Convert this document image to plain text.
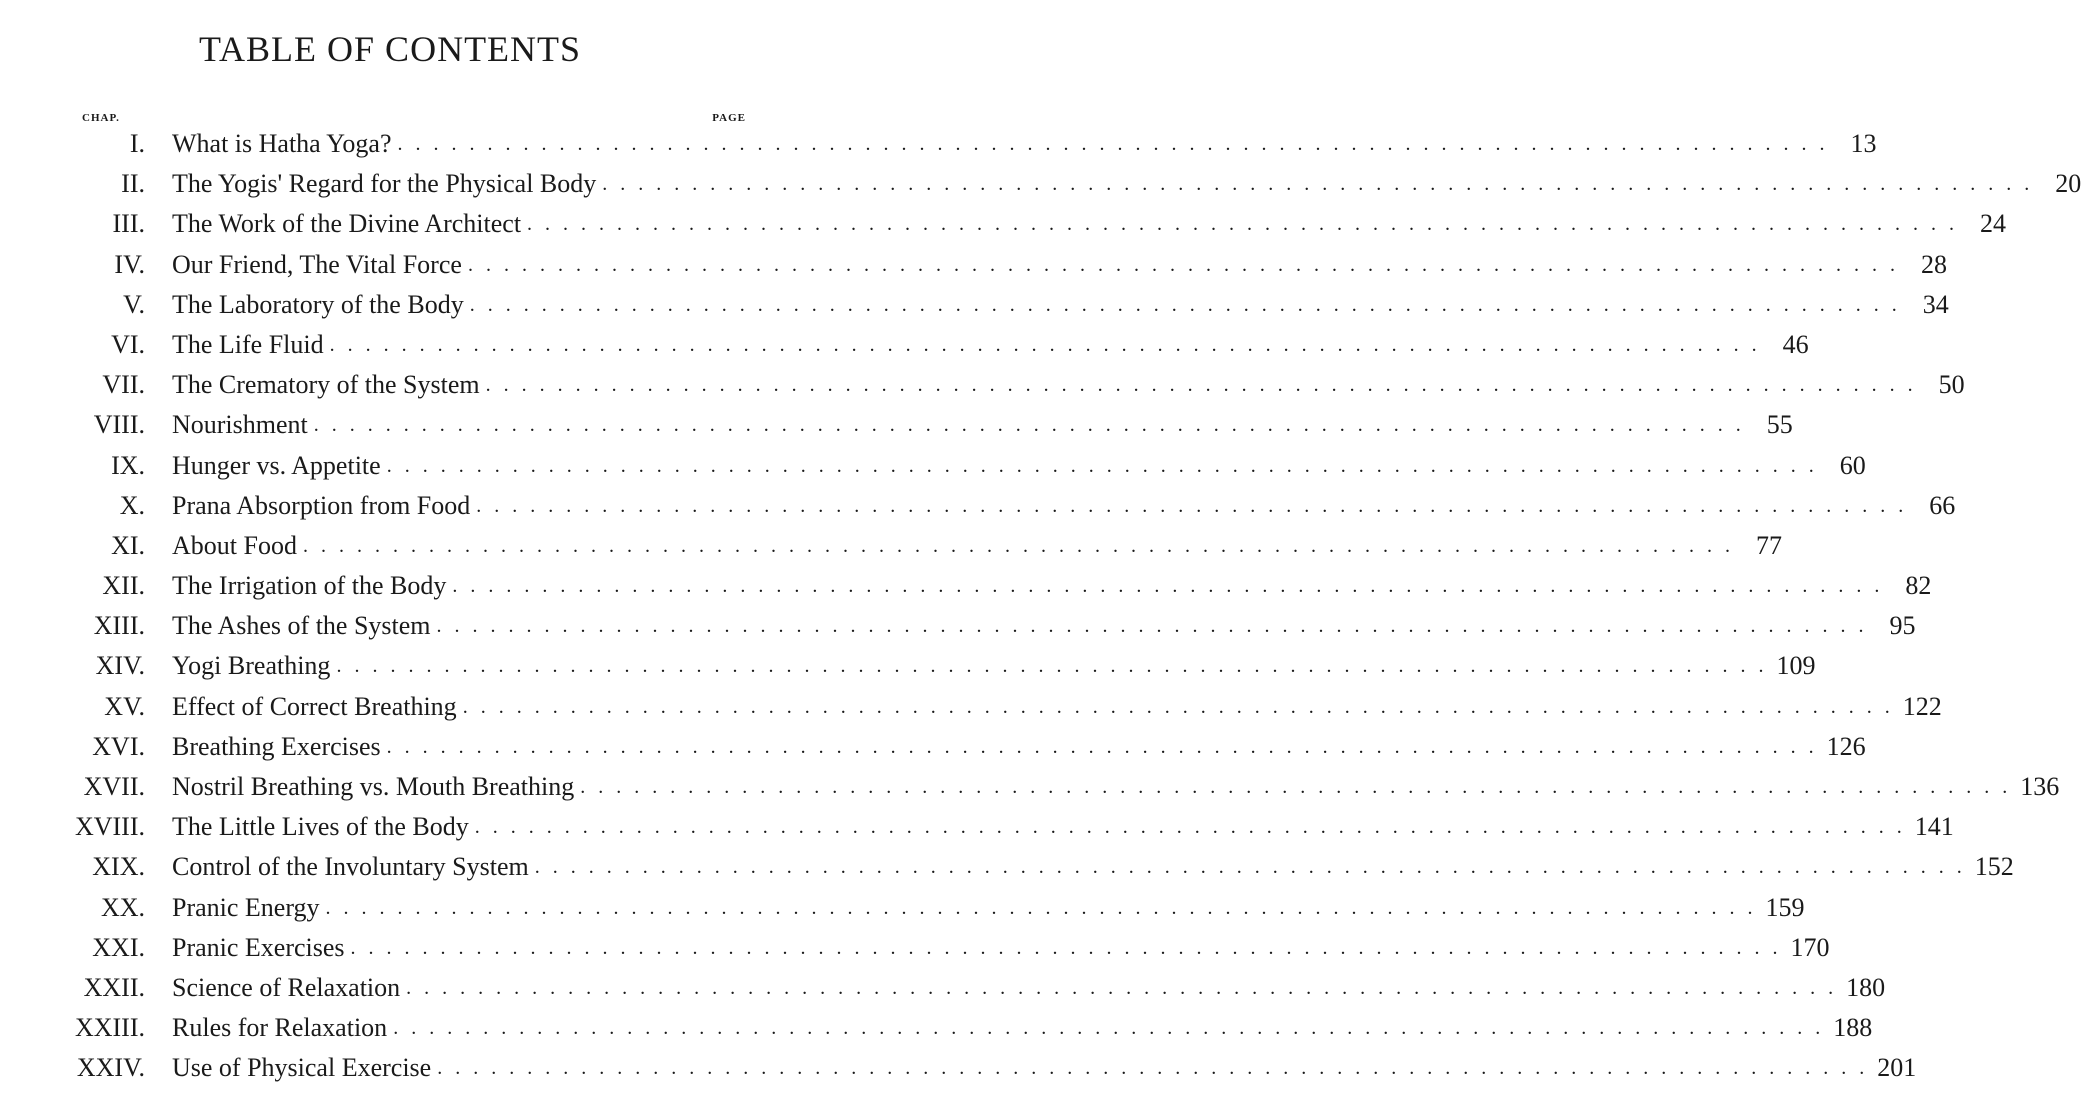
TABLE OF CONTENTS
CHAP.	PAGE
I. What is Hatha Yoga? . . . . . . . . . . . . . . . . . . . . . . . . . . . . . . . . . . . . . . . . . . . . . . . . . . . . . . . . . . . . . . . . . . . . . . . . . . . . . . . . 13
II. The Yogis' Regard for the Physical Body . . . . . . . . . . . . . . . . . . . . . . . . . . . . . . . . . . . . . . . . . . . . . . . . . . . . . . . . . . . . . . . . . . . . . . . . . . . . . . . . 20
III. The Work of the Divine Architect . . . . . . . . . . . . . . . . . . . . . . . . . . . . . . . . . . . . . . . . . . . . . . . . . . . . . . . . . . . . . . . . . . . . . . . . . . . . . . . . 24
IV. Our Friend, The Vital Force . . . . . . . . . . . . . . . . . . . . . . . . . . . . . . . . . . . . . . . . . . . . . . . . . . . . . . . . . . . . . . . . . . . . . . . . . . . . . . . . 28
V. The Laboratory of the Body . . . . . . . . . . . . . . . . . . . . . . . . . . . . . . . . . . . . . . . . . . . . . . . . . . . . . . . . . . . . . . . . . . . . . . . . . . . . . . . . 34
VI. The Life Fluid . . . . . . . . . . . . . . . . . . . . . . . . . . . . . . . . . . . . . . . . . . . . . . . . . . . . . . . . . . . . . . . . . . . . . . . . . . . . . . . . 46
VII. The Crematory of the System . . . . . . . . . . . . . . . . . . . . . . . . . . . . . . . . . . . . . . . . . . . . . . . . . . . . . . . . . . . . . . . . . . . . . . . . . . . . . . . . 50
VIII. Nourishment . . . . . . . . . . . . . . . . . . . . . . . . . . . . . . . . . . . . . . . . . . . . . . . . . . . . . . . . . . . . . . . . . . . . . . . . . . . . . . . . 55
IX. Hunger vs. Appetite . . . . . . . . . . . . . . . . . . . . . . . . . . . . . . . . . . . . . . . . . . . . . . . . . . . . . . . . . . . . . . . . . . . . . . . . . . . . . . . . 60
X. Prana Absorption from Food . . . . . . . . . . . . . . . . . . . . . . . . . . . . . . . . . . . . . . . . . . . . . . . . . . . . . . . . . . . . . . . . . . . . . . . . . . . . . . . . 66
XI. About Food . . . . . . . . . . . . . . . . . . . . . . . . . . . . . . . . . . . . . . . . . . . . . . . . . . . . . . . . . . . . . . . . . . . . . . . . . . . . . . . . 77
XII. The Irrigation of the Body . . . . . . . . . . . . . . . . . . . . . . . . . . . . . . . . . . . . . . . . . . . . . . . . . . . . . . . . . . . . . . . . . . . . . . . . . . . . . . . . 82
XIII. The Ashes of the System . . . . . . . . . . . . . . . . . . . . . . . . . . . . . . . . . . . . . . . . . . . . . . . . . . . . . . . . . . . . . . . . . . . . . . . . . . . . . . . . 95
XIV. Yogi Breathing . . . . . . . . . . . . . . . . . . . . . . . . . . . . . . . . . . . . . . . . . . . . . . . . . . . . . . . . . . . . . . . . . . . . . . . . . . . . . . . . 109
XV. Effect of Correct Breathing . . . . . . . . . . . . . . . . . . . . . . . . . . . . . . . . . . . . . . . . . . . . . . . . . . . . . . . . . . . . . . . . . . . . . . . . . . . . . . . . 122
XVI. Breathing Exercises . . . . . . . . . . . . . . . . . . . . . . . . . . . . . . . . . . . . . . . . . . . . . . . . . . . . . . . . . . . . . . . . . . . . . . . . . . . . . . . . 126
XVII. Nostril Breathing vs. Mouth Breathing . . . . . . . . . . . . . . . . . . . . . . . . . . . . . . . . . . . . . . . . . . . . . . . . . . . . . . . . . . . . . . . . . . . . . . . . . . . . . . . . 136
XVIII. The Little Lives of the Body . . . . . . . . . . . . . . . . . . . . . . . . . . . . . . . . . . . . . . . . . . . . . . . . . . . . . . . . . . . . . . . . . . . . . . . . . . . . . . . . 141
XIX. Control of the Involuntary System . . . . . . . . . . . . . . . . . . . . . . . . . . . . . . . . . . . . . . . . . . . . . . . . . . . . . . . . . . . . . . . . . . . . . . . . . . . . . . . . 152
XX. Pranic Energy . . . . . . . . . . . . . . . . . . . . . . . . . . . . . . . . . . . . . . . . . . . . . . . . . . . . . . . . . . . . . . . . . . . . . . . . . . . . . . . . 159
XXI. Pranic Exercises . . . . . . . . . . . . . . . . . . . . . . . . . . . . . . . . . . . . . . . . . . . . . . . . . . . . . . . . . . . . . . . . . . . . . . . . . . . . . . . . 170
XXII. Science of Relaxation . . . . . . . . . . . . . . . . . . . . . . . . . . . . . . . . . . . . . . . . . . . . . . . . . . . . . . . . . . . . . . . . . . . . . . . . . . . . . . . . 180
XXIII. Rules for Relaxation . . . . . . . . . . . . . . . . . . . . . . . . . . . . . . . . . . . . . . . . . . . . . . . . . . . . . . . . . . . . . . . . . . . . . . . . . . . . . . . . 188
XXIV. Use of Physical Exercise . . . . . . . . . . . . . . . . . . . . . . . . . . . . . . . . . . . . . . . . . . . . . . . . . . . . . . . . . . . . . . . . . . . . . . . . . . . . . . . . 201
